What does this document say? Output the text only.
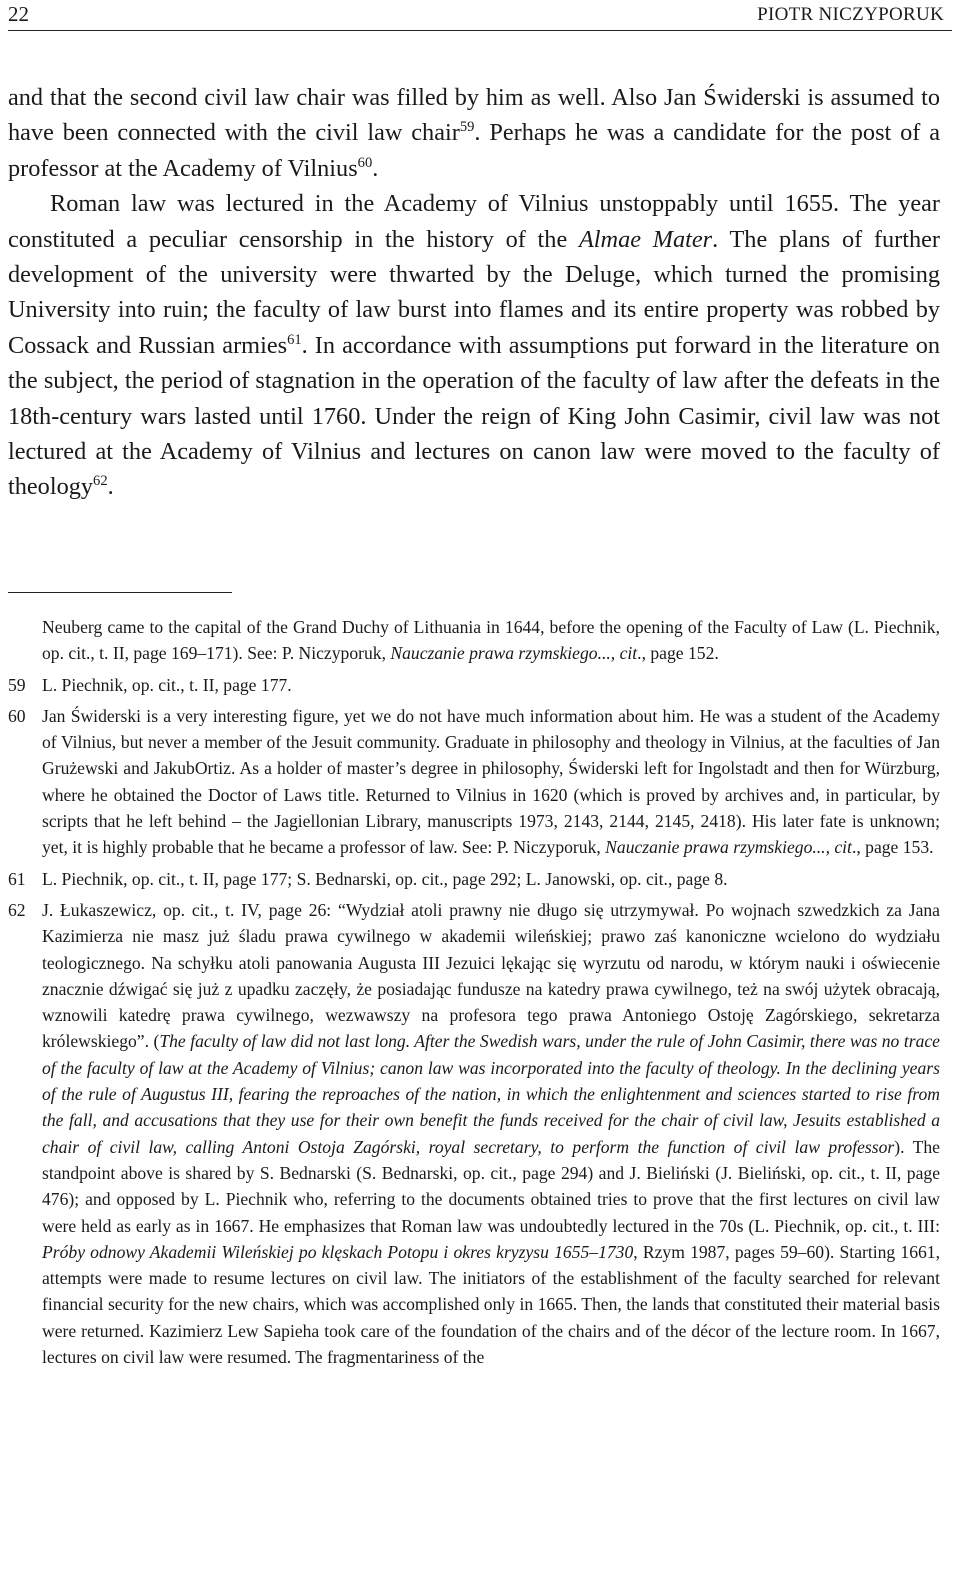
22	PIOTR NICZYPORUK

and that the second civil law chair was filled by him as well. Also Jan Świderski is assumed to have been connected with the civil law chair$^{59}$. Perhaps he was a candidate for the post of a professor at the Academy of Vilnius$^{60}$.

Roman law was lectured in the Academy of Vilnius unstoppably until 1655. The year constituted a peculiar censorship in the history of the Almae Mater. The plans of further development of the university were thwarted by the Deluge, which turned the promising University into ruin; the faculty of law burst into flames and its entire property was robbed by Cossack and Russian armies$^{61}$. In accordance with assumptions put forward in the literature on the subject, the period of stagnation in the operation of the faculty of law after the defeats in the 18th-century wars lasted until 1760. Under the reign of King John Casimir, civil law was not lectured at the Academy of Vilnius and lectures on canon law were moved to the faculty of theology$^{62}$.

Neuberg came to the capital of the Grand Duchy of Lithuania in 1644, before the opening of the Faculty of Law (L. Piechnik, op. cit., t. II, page 169–171). See: P. Niczyporuk, Nauczanie prawa rzymskiego..., cit., page 152.
59 L. Piechnik, op. cit., t. II, page 177.
60 Jan Świderski is a very interesting figure, yet we do not have much information about him. He was a student of the Academy of Vilnius, but never a member of the Jesuit community. Graduate in philosophy and theology in Vilnius, at the faculties of Jan Grużewski and JakubOrtiz. As a holder of master’s degree in philosophy, Świderski left for Ingolstadt and then for Würzburg, where he obtained the Doctor of Laws title. Returned to Vilnius in 1620 (which is proved by archives and, in particular, by scripts that he left behind – the Jagiellonian Library, manuscripts 1973, 2143, 2144, 2145, 2418). His later fate is unknown; yet, it is highly probable that he became a professor of law. See: P. Niczyporuk, Nauczanie prawa rzymskiego..., cit., page 153.
61 L. Piechnik, op. cit., t. II, page 177; S. Bednarski, op. cit., page 292; L. Janowski, op. cit., page 8.
62 J. Łukaszewicz, op. cit., t. IV, page 26: “Wydział atoli prawny nie długo się utrzymywał. Po wojnach szwedzkich za Jana Kazimierza nie masz już śladu prawa cywilnego w akademii wileńskiej; prawo zaś kanoniczne wcielono do wydziału teologicznego. Na schyłku atoli panowania Augusta III Jezuici lękając się wyrzutu od narodu, w którym nauki i oświecenie znacznie dźwigać się już z upadku zaczęły, że posiadając fundusze na katedry prawa cywilnego, też na swój użytek obracają, wznowili katedrę prawa cywilnego, wezwawszy na profesora tego prawa Antoniego Ostoję Zagórskiego, sekretarza królewskiego”. (The faculty of law did not last long. After the Swedish wars, under the rule of John Casimir, there was no trace of the faculty of law at the Academy of Vilnius; canon law was incorporated into the faculty of theology. In the declining years of the rule of Augustus III, fearing the reproaches of the nation, in which the enlightenment and sciences started to rise from the fall, and accusations that they use for their own benefit the funds received for the chair of civil law, Jesuits established a chair of civil law, calling Antoni Ostoja Zagórski, royal secretary, to perform the function of civil law professor). The standpoint above is shared by S. Bednarski (S. Bednarski, op. cit., page 294) and J. Bieliński (J. Bieliński, op. cit., t. II, page 476); and opposed by L. Piechnik who, referring to the documents obtained tries to prove that the first lectures on civil law were held as early as in 1667. He emphasizes that Roman law was undoubtedly lectured in the 70s (L. Piechnik, op. cit., t. III: Próby odnowy Akademii Wileńskiej po klęskach Potopu i okres kryzysu 1655–1730, Rzym 1987, pages 59–60). Starting 1661, attempts were made to resume lectures on civil law. The initiators of the establishment of the faculty searched for relevant financial security for the new chairs, which was accomplished only in 1665. Then, the lands that constituted their material basis were returned. Kazimierz Lew Sapieha took care of the foundation of the chairs and of the décor of the lecture room. In 1667, lectures on civil law were resumed. The fragmentariness of the
